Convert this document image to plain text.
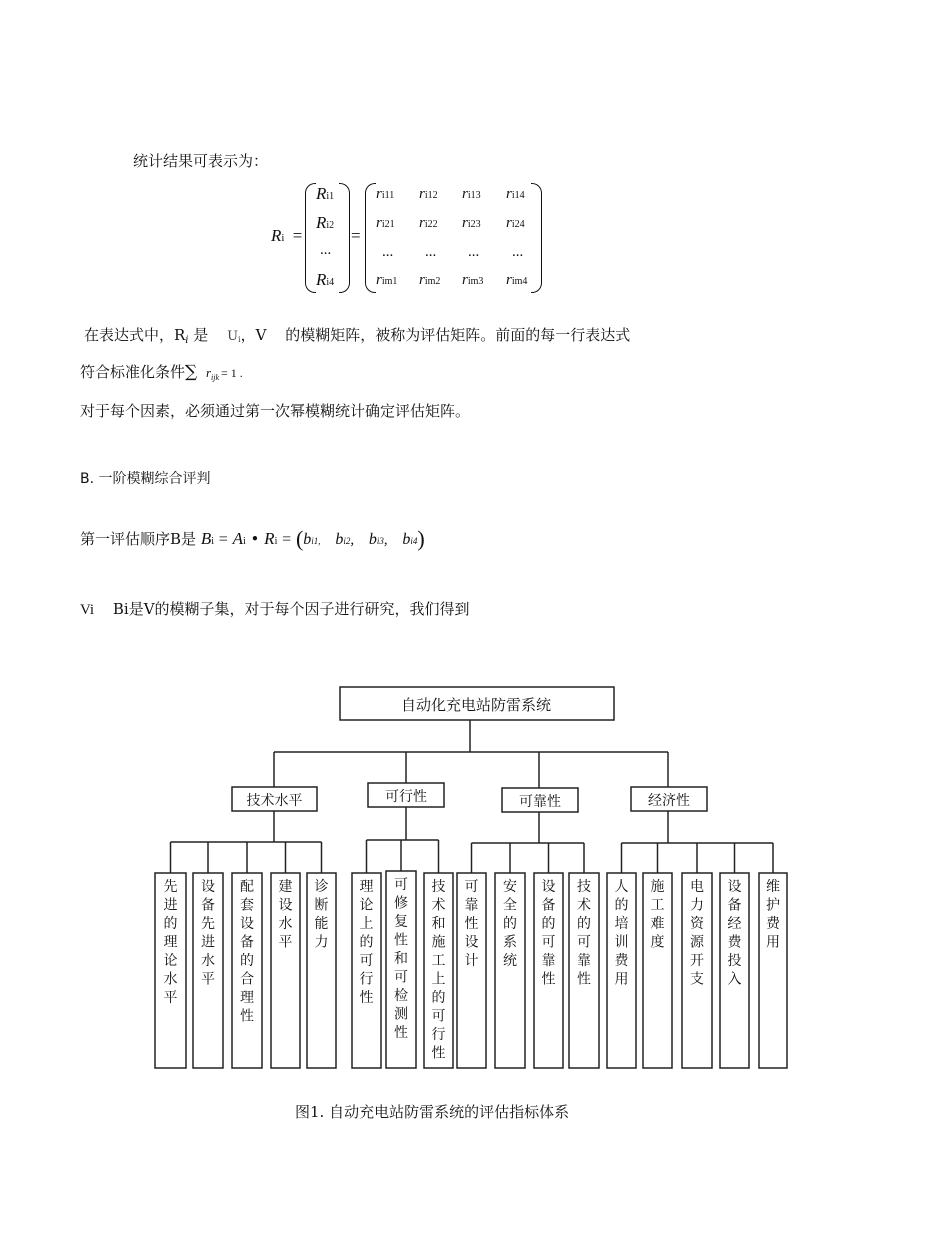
统计结果可表示为：
Ri =
Ri1
Ri2
...
Ri4
=
ri11 ri12 ri13 ri14
ri21 ri22 ri23 ri24
... ... ... ...
rim1 rim2 rim3 rim4
在表达式中，$R_i$ 是 Ui，V 的模糊矩阵，被称为评估矩阵。前面的每一行表达式
符合标准化条件∑ $r_{ijk} = 1$ .
对于每个因素，必须通过第一次幂模糊统计确定评估矩阵。
B. 一阶模糊综合评判
第一评估顺序B是 Bi = Ai • Ri = (bi1, bi2, bi3, bi4)
Vi Bi是V的模糊子集，对于每个因子进行研究，我们得到
自动化充电站防雷系统
技术水平
先进的理论水平
设备先进水平
配套设备的合理性
建设水平
诊断能力
可行性
理论上的可行性
可修复性和可检测性
技术和施工上的可行性
可靠性
可靠性设计
安全的系统
设备的可靠性
技术的可靠性
经济性
人的培训费用
施工难度
电力资源开支
设备经费投入
维护费用
图1. 自动充电站防雷系统的评估指标体系
